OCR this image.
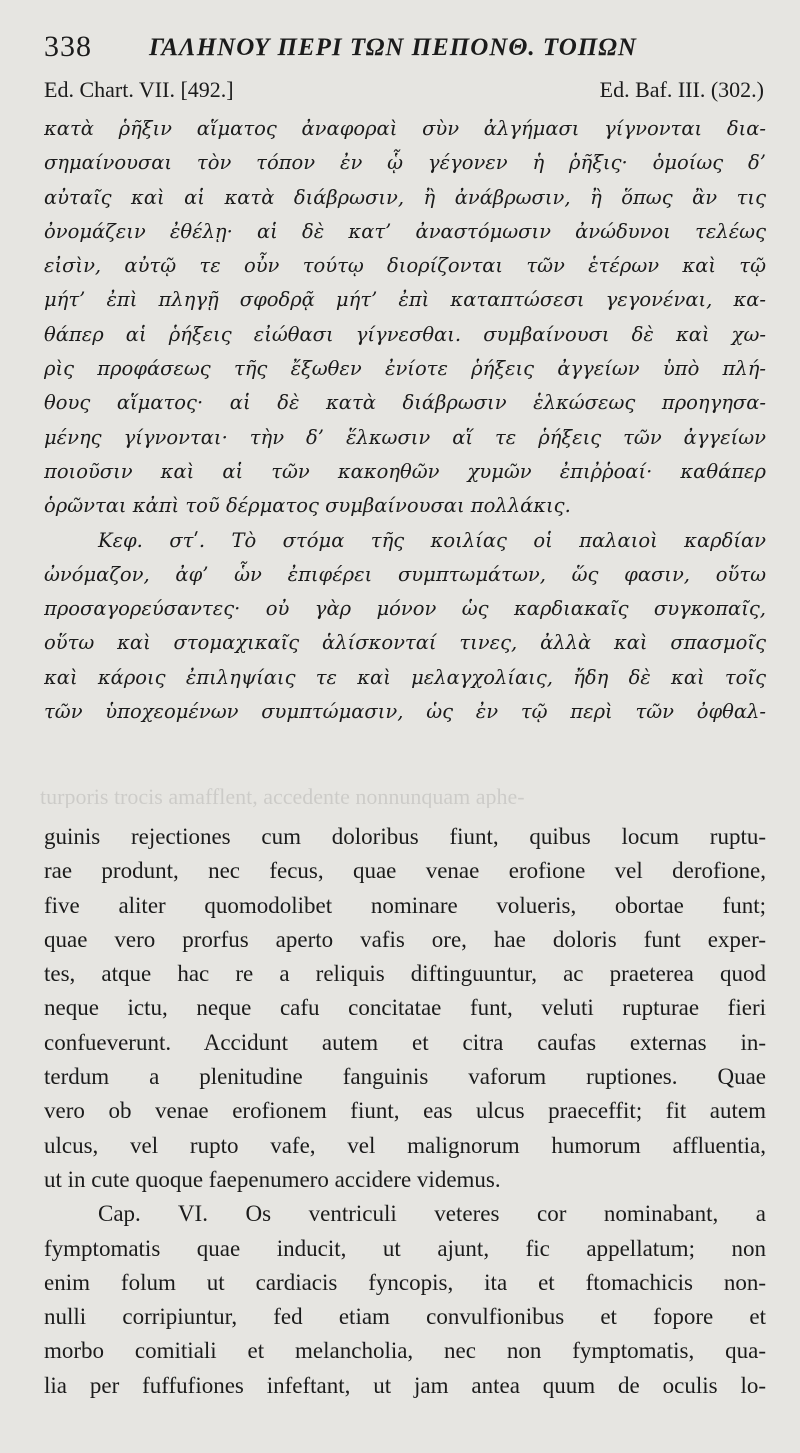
338 ΓΑΛΗΝΟΥ ΠΕΡΙ ΤΩΝ ΠΕΠΟΝΘ. ΤΟΠΩΝ
Ed. Chart. VII. [492.]	Ed. Baf. III. (302.)
κατὰ ῥῆξιν αἵματος ἀναφοραὶ σὺν ἀλγήμασι γίγνονται δια-
σημαίνουσαι τὸν τόπον ἐν ᾧ γέγονεν ἡ ῥῆξις· ὁμοίως δ’
αὐταῖς καὶ αἱ κατὰ διάβρωσιν, ἢ ἀνάβρωσιν, ἢ ὅπως ἂν τις
ὀνομάζειν ἐθέλῃ· αἱ δὲ κατ’ ἀναστόμωσιν ἀνώδυνοι τελέως
εἰσὶν, αὐτῷ τε οὖν τούτῳ διορίζονται τῶν ἑτέρων καὶ τῷ
μήτ’ ἐπὶ πληγῇ σφοδρᾷ μήτ’ ἐπὶ καταπτώσεσι γεγονέναι, κα-
θάπερ αἱ ῥήξεις εἰώθασι γίγνεσθαι. συμβαίνουσι δὲ καὶ χω-
ρὶς προφάσεως τῆς ἔξωθεν ἐνίοτε ῥήξεις ἀγγείων ὑπὸ πλή-
θους αἵματος· αἱ δὲ κατὰ διάβρωσιν ἑλκώσεως προηγησα-
μένης γίγνονται· τὴν δ’ ἕλκωσιν αἵ τε ῥήξεις τῶν ἀγγείων
ποιοῦσιν καὶ αἱ τῶν κακοηθῶν χυμῶν ἐπιῤῥοαί· καθάπερ
ὁρῶνται κἀπὶ τοῦ δέρματος συμβαίνουσαι πολλάκις.
Κεφ. στʹ. Τὸ στόμα τῆς κοιλίας οἱ παλαιοὶ καρδίαν
ὠνόμαζον, ἀφ’ ὧν ἐπιφέρει συμπτωμάτων, ὥς φασιν, οὕτω
προσαγορεύσαντες· οὐ γὰρ μόνον ὡς καρδιακαῖς συγκοπαῖς,
οὕτω καὶ στομαχικαῖς ἁλίσκονταί τινες, ἀλλὰ καὶ σπασμοῖς
καὶ κάροις ἐπιληψίαις τε καὶ μελαγχολίαις, ἤδη δὲ καὶ τοῖς
τῶν ὑποχεομένων συμπτώμασιν, ὡς ἐν τῷ περὶ τῶν ὀφθαλ-
turporis trocis amafflent, accedente nonnunquam aphe-
guinis rejectiones cum doloribus fiunt, quibus locum ruptu-
rae produnt, nec fecus, quae venae erofione vel derofione,
five aliter quomodolibet nominare volueris, obortae funt;
quae vero prorfus aperto vafis ore, hae doloris funt exper-
tes, atque hac re a reliquis diftinguuntur, ac praeterea quod
neque ictu, neque cafu concitatae funt, veluti rupturae fieri
confueverunt. Accidunt autem et citra caufas externas in-
terdum a plenitudine fanguinis vaforum ruptiones. Quae
vero ob venae erofionem fiunt, eas ulcus praeceffit; fit autem
ulcus, vel rupto vafe, vel malignorum humorum affluentia,
ut in cute quoque faepenumero accidere videmus.
Cap. VI. Os ventriculi veteres cor nominabant, a
fymptomatis quae inducit, ut ajunt, fic appellatum; non
enim folum ut cardiacis fyncopis, ita et ftomachicis non-
nulli corripiuntur, fed etiam convulfionibus et fopore et
morbo comitiali et melancholia, nec non fymptomatis, qua-
lia per fuffufiones infeftant, ut jam antea quum de oculis lo-
